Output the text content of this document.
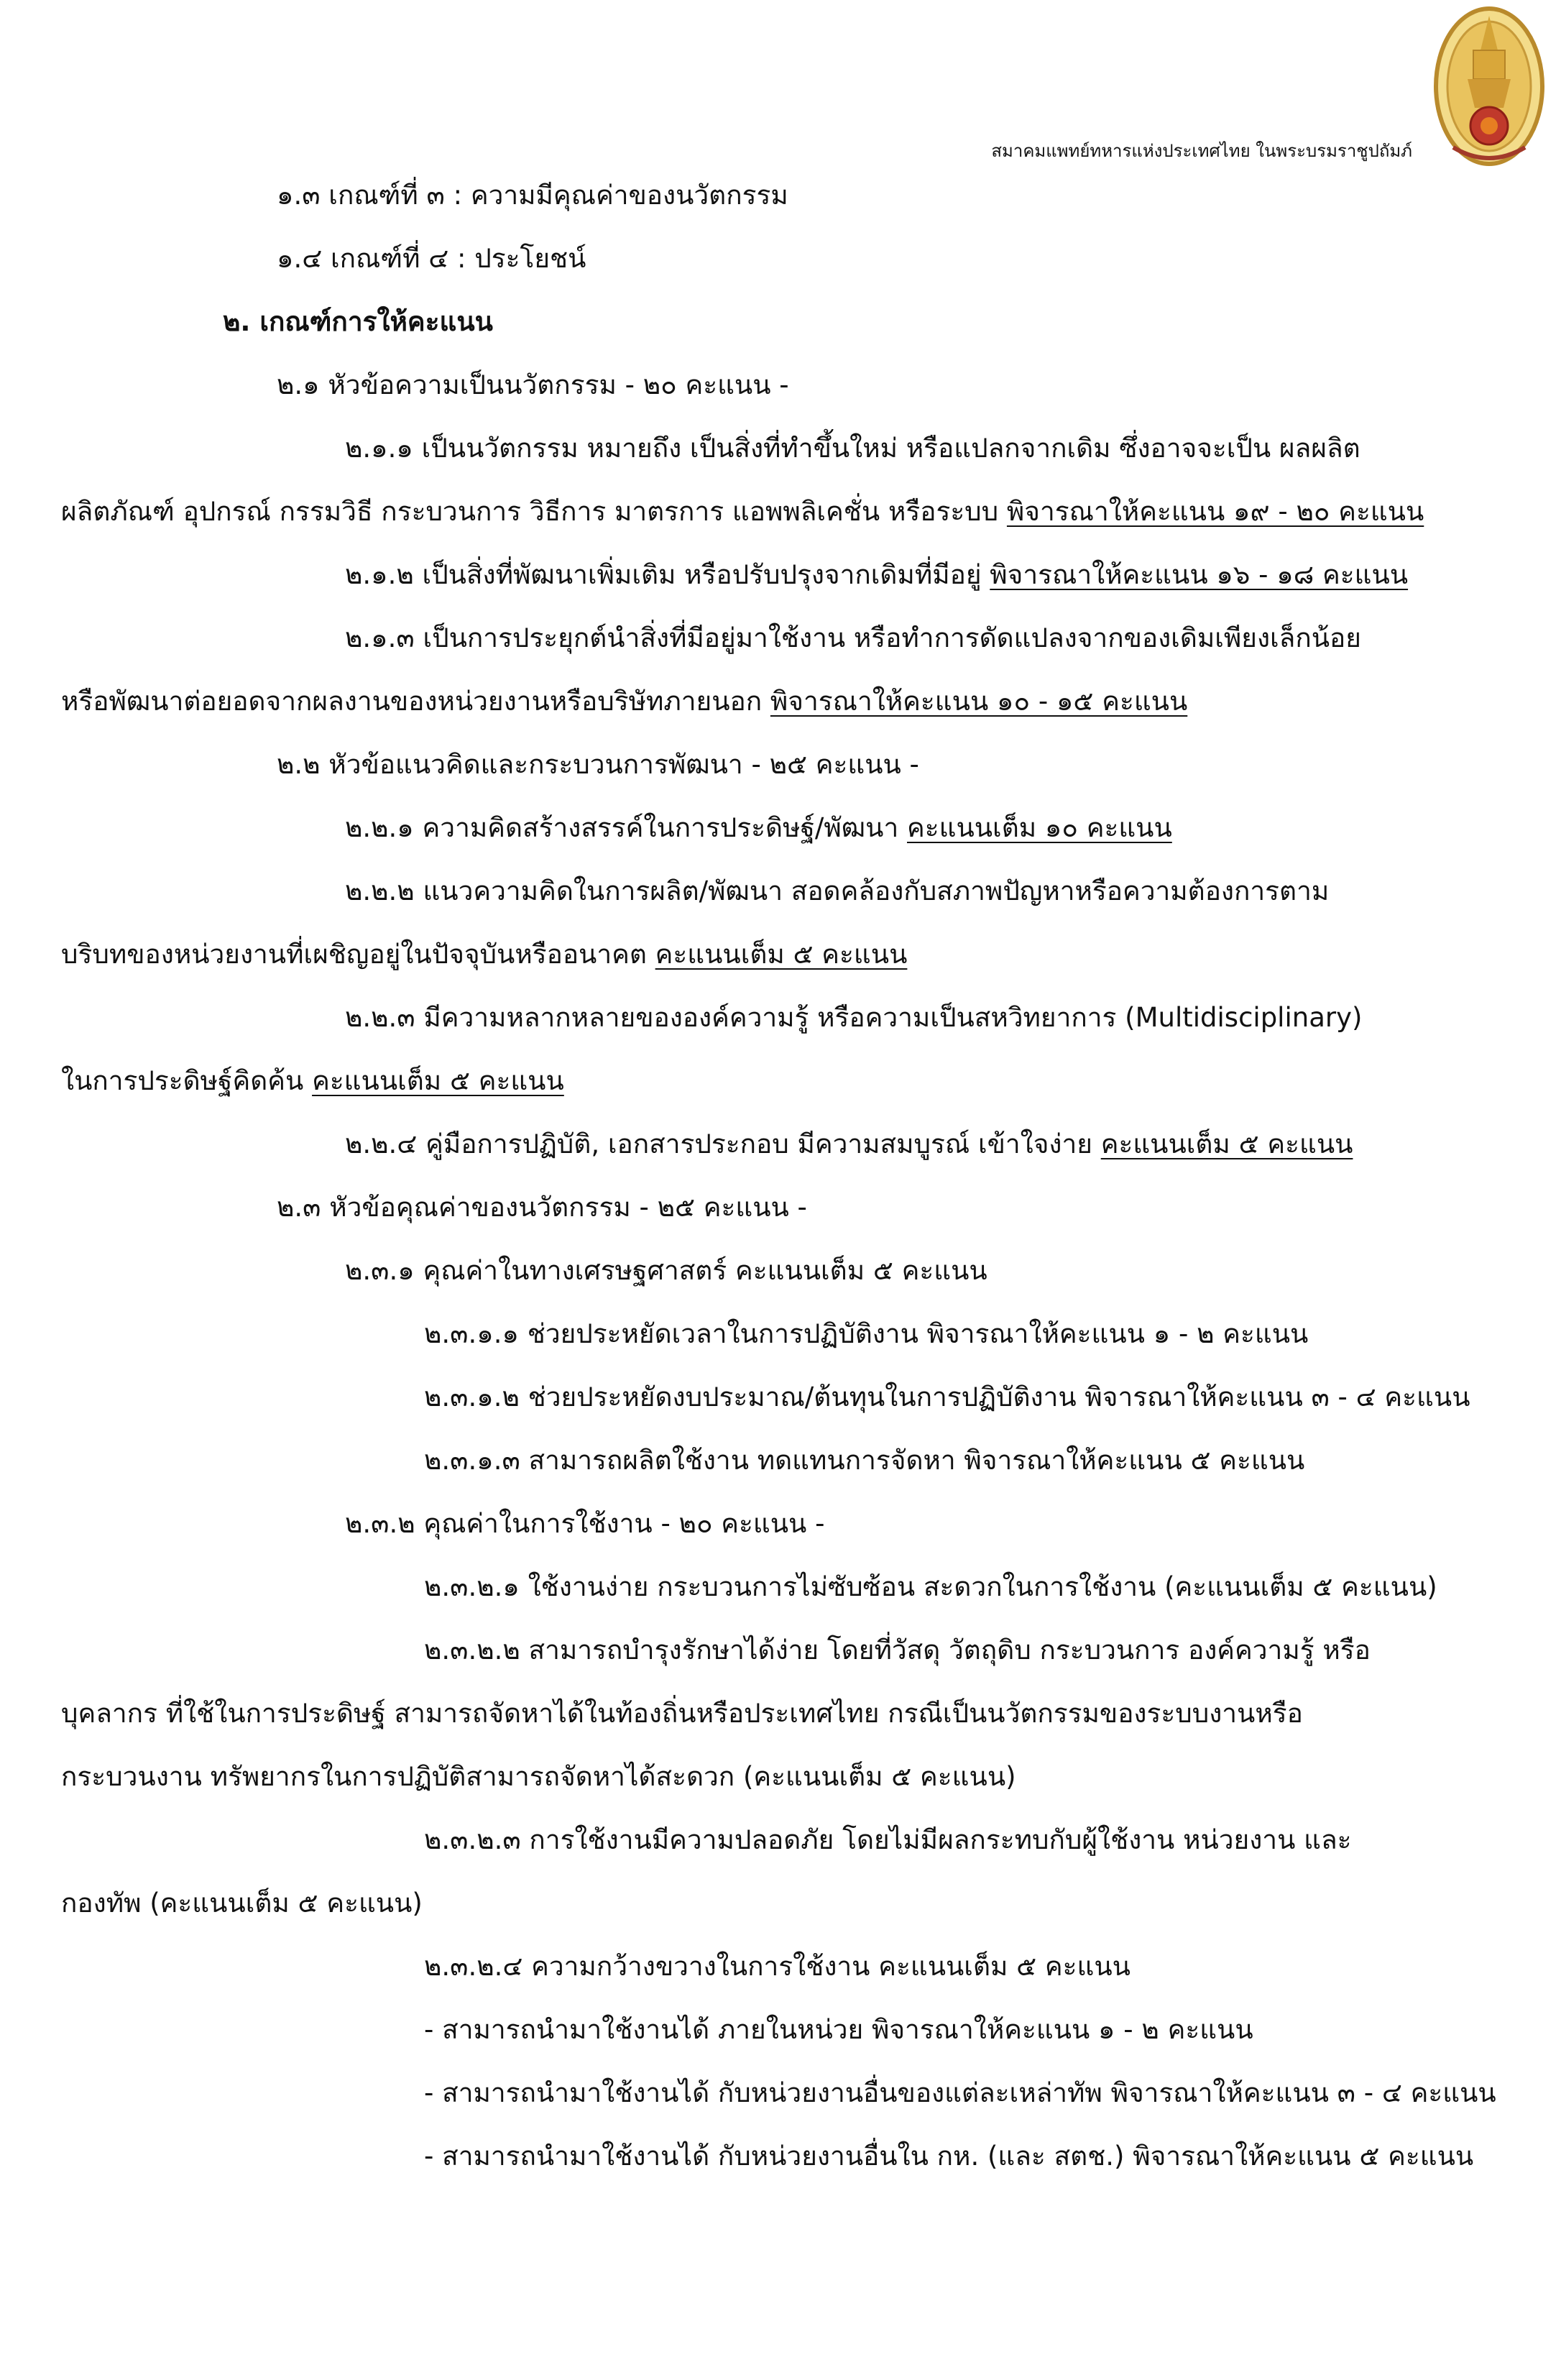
สมาคมแพทย์ทหารแห่งประเทศไทย ในพระบรมราชูปถัมภ์
๑.๓ เกณฑ์ที่ ๓ : ความมีคุณค่าของนวัตกรรม
๑.๔ เกณฑ์ที่ ๔ : ประโยชน์
๒. เกณฑ์การให้คะแนน
๒.๑ หัวข้อความเป็นนวัตกรรม - ๒๐ คะแนน -
๒.๑.๑ เป็นนวัตกรรม หมายถึง เป็นสิ่งที่ทำขึ้นใหม่ หรือแปลกจากเดิม ซึ่งอาจจะเป็น ผลผลิต
ผลิตภัณฑ์ อุปกรณ์ กรรมวิธี กระบวนการ วิธีการ มาตรการ แอพพลิเคชั่น หรือระบบ พิจารณาให้คะแนน ๑๙ - ๒๐ คะแนน
๒.๑.๒ เป็นสิ่งที่พัฒนาเพิ่มเติม หรือปรับปรุงจากเดิมที่มีอยู่ พิจารณาให้คะแนน ๑๖ - ๑๘ คะแนน
๒.๑.๓ เป็นการประยุกต์นำสิ่งที่มีอยู่มาใช้งาน หรือทำการดัดแปลงจากของเดิมเพียงเล็กน้อย
หรือพัฒนาต่อยอดจากผลงานของหน่วยงานหรือบริษัทภายนอก พิจารณาให้คะแนน ๑๐ - ๑๕ คะแนน
๒.๒ หัวข้อแนวคิดและกระบวนการพัฒนา - ๒๕ คะแนน -
๒.๒.๑ ความคิดสร้างสรรค์ในการประดิษฐ์/พัฒนา คะแนนเต็ม ๑๐ คะแนน
๒.๒.๒ แนวความคิดในการผลิต/พัฒนา สอดคล้องกับสภาพปัญหาหรือความต้องการตาม
บริบทของหน่วยงานที่เผชิญอยู่ในปัจจุบันหรืออนาคต คะแนนเต็ม ๕ คะแนน
๒.๒.๓ มีความหลากหลายขององค์ความรู้ หรือความเป็นสหวิทยาการ (Multidisciplinary)
ในการประดิษฐ์คิดค้น คะแนนเต็ม ๕ คะแนน
๒.๒.๔ คู่มือการปฏิบัติ, เอกสารประกอบ มีความสมบูรณ์ เข้าใจง่าย คะแนนเต็ม ๕ คะแนน
๒.๓ หัวข้อคุณค่าของนวัตกรรม - ๒๕ คะแนน -
๒.๓.๑ คุณค่าในทางเศรษฐศาสตร์ คะแนนเต็ม ๕ คะแนน
๒.๓.๑.๑ ช่วยประหยัดเวลาในการปฏิบัติงาน พิจารณาให้คะแนน ๑ - ๒ คะแนน
๒.๓.๑.๒ ช่วยประหยัดงบประมาณ/ต้นทุนในการปฏิบัติงาน พิจารณาให้คะแนน ๓ - ๔ คะแนน
๒.๓.๑.๓ สามารถผลิตใช้งาน ทดแทนการจัดหา พิจารณาให้คะแนน ๕ คะแนน
๒.๓.๒ คุณค่าในการใช้งาน - ๒๐ คะแนน -
๒.๓.๒.๑ ใช้งานง่าย กระบวนการไม่ซับซ้อน สะดวกในการใช้งาน (คะแนนเต็ม ๕ คะแนน)
๒.๓.๒.๒ สามารถบำรุงรักษาได้ง่าย โดยที่วัสดุ วัตถุดิบ กระบวนการ องค์ความรู้ หรือ
บุคลากร ที่ใช้ในการประดิษฐ์ สามารถจัดหาได้ในท้องถิ่นหรือประเทศไทย กรณีเป็นนวัตกรรมของระบบงานหรือ
กระบวนงาน ทรัพยากรในการปฏิบัติสามารถจัดหาได้สะดวก (คะแนนเต็ม ๕ คะแนน)
๒.๓.๒.๓ การใช้งานมีความปลอดภัย โดยไม่มีผลกระทบกับผู้ใช้งาน หน่วยงาน และ
กองทัพ (คะแนนเต็ม ๕ คะแนน)
๒.๓.๒.๔ ความกว้างขวางในการใช้งาน คะแนนเต็ม ๕ คะแนน
- สามารถนำมาใช้งานได้ ภายในหน่วย พิจารณาให้คะแนน ๑ - ๒ คะแนน
- สามารถนำมาใช้งานได้ กับหน่วยงานอื่นของแต่ละเหล่าทัพ พิจารณาให้คะแนน ๓ - ๔ คะแนน
- สามารถนำมาใช้งานได้ กับหน่วยงานอื่นใน กห. (และ สตช.) พิจารณาให้คะแนน ๕ คะแนน
